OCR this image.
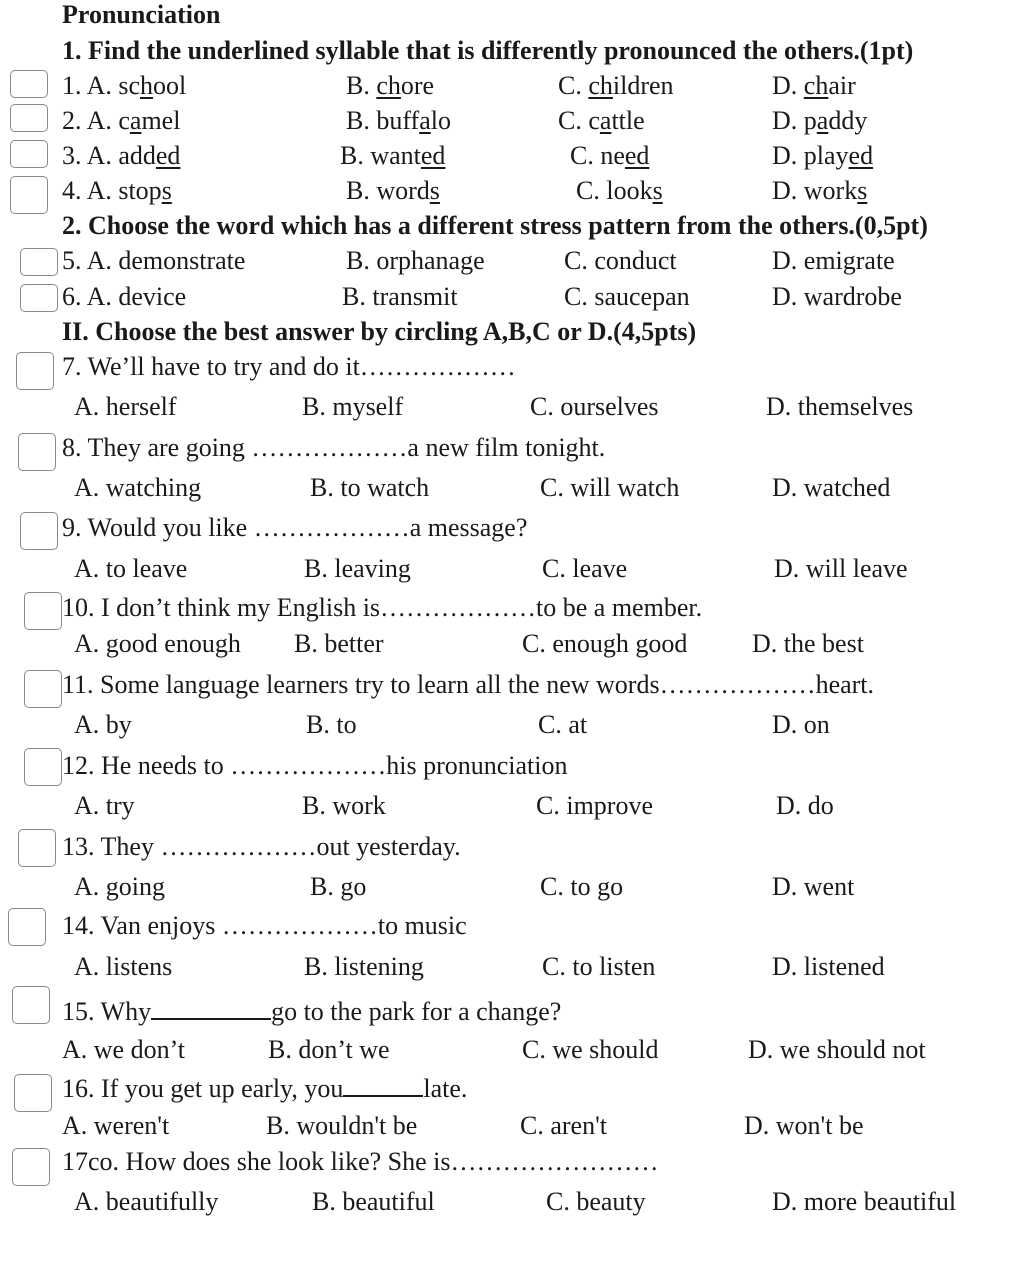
Pronunciation
1. Find the underlined syllable that is differently pronounced the others.(1pt)
1. A. school	B. chore	C. children	D. chair
2. A. camel	B. buffalo	C. cattle	D. paddy
3. A. added	B. wanted	C. need	D. played
4. A. stops	B. words	C. looks	D. works
2. Choose the word which has a different stress pattern from the others.(0,5pt)
5. A. demonstrate	B. orphanage	C. conduct	D. emigrate
6. A. device	B. transmit	C. saucepan	D. wardrobe
II. Choose the best answer by circling A,B,C or D.(4,5pts)
7. We’ll have to try and do it………………
A. herself	B. myself	C. ourselves	D. themselves
8. They are going ………………a new film tonight.
A. watching	B. to watch	C. will watch	D. watched
9. Would you like ………………a message?
A. to leave	B. leaving	C. leave	D. will leave
10. I don’t think my English is………………to be a member.
A. good enough B. better	C. enough good D. the best
11. Some language learners try to learn all the new words………………heart.
A. by	B. to	C. at	D. on
12. He needs to ………………his pronunciation
A. try	B. work	C. improve	D. do
13. They ………………out yesterday.
A. going	B. go	C. to go	D. went
14. Van enjoys ………………to music
A. listens	B. listening	C. to listen	D. listened
15. Why	go to the park for a change?
A. we don’t	B. don’t we	C. we should	D. we should not
16. If you get up early, you	late.
A. weren't	B. wouldn't be	C. aren't	D. won't be
17co. How does she look like? She is……………………
A. beautifully	B. beautiful	C. beauty	D. more beautiful
